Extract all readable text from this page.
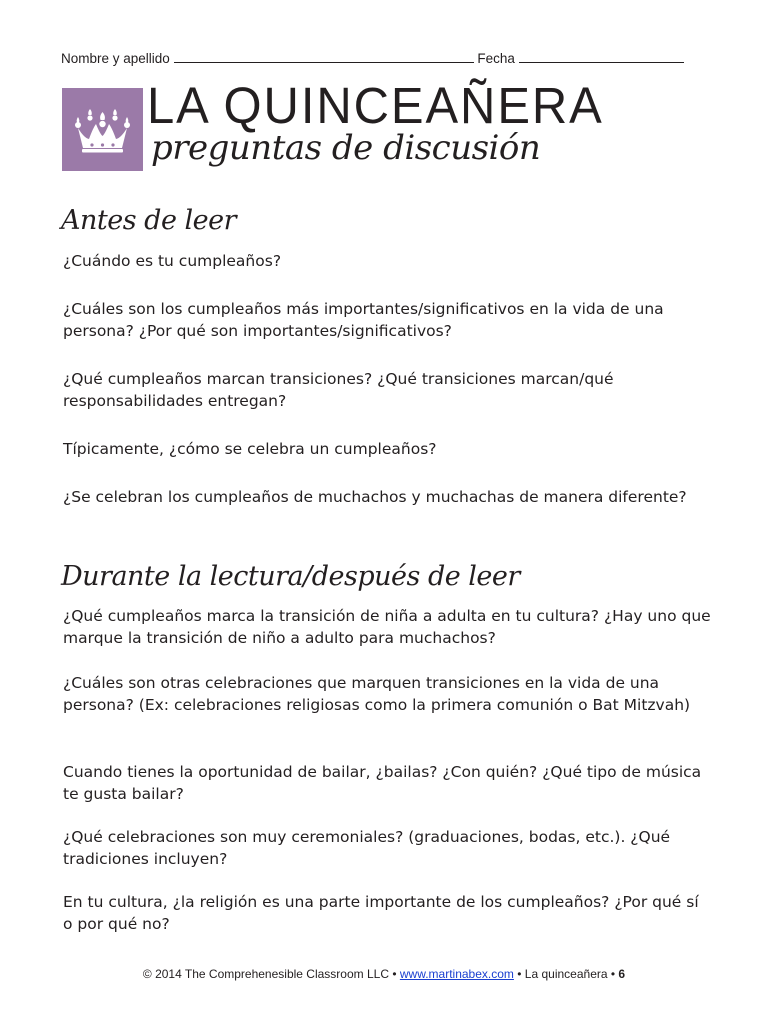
Nombre y apellido	Fecha
LA QUINCEAÑERA
preguntas de discusión
Antes de leer
¿Cuándo es tu cumpleaños?
¿Cuáles son los cumpleaños más importantes/significativos en la vida de una persona? ¿Por qué son importantes/significativos?
¿Qué cumpleaños marcan transiciones? ¿Qué transiciones marcan/qué responsabilidades entregan?
Típicamente, ¿cómo se celebra un cumpleaños?
¿Se celebran los cumpleaños de muchachos y muchachas de manera diferente?
Durante la lectura/después de leer
¿Qué cumpleaños marca la transición de niña a adulta en tu cultura? ¿Hay uno que marque la transición de niño a adulto para muchachos?
¿Cuáles son otras celebraciones que marquen transiciones en la vida de una persona? (Ex: celebraciones religiosas como la primera comunión o Bat Mitzvah)
Cuando tienes la oportunidad de bailar, ¿bailas? ¿Con quién? ¿Qué tipo de música te gusta bailar?
¿Qué celebraciones son muy ceremoniales? (graduaciones, bodas, etc.). ¿Qué tradiciones incluyen?
En tu cultura, ¿la religión es una parte importante de los cumpleaños? ¿Por qué sí o por qué no?
© 2014 The Comprehenesible Classroom LLC • www.martinabex.com • La quinceañera • 6
